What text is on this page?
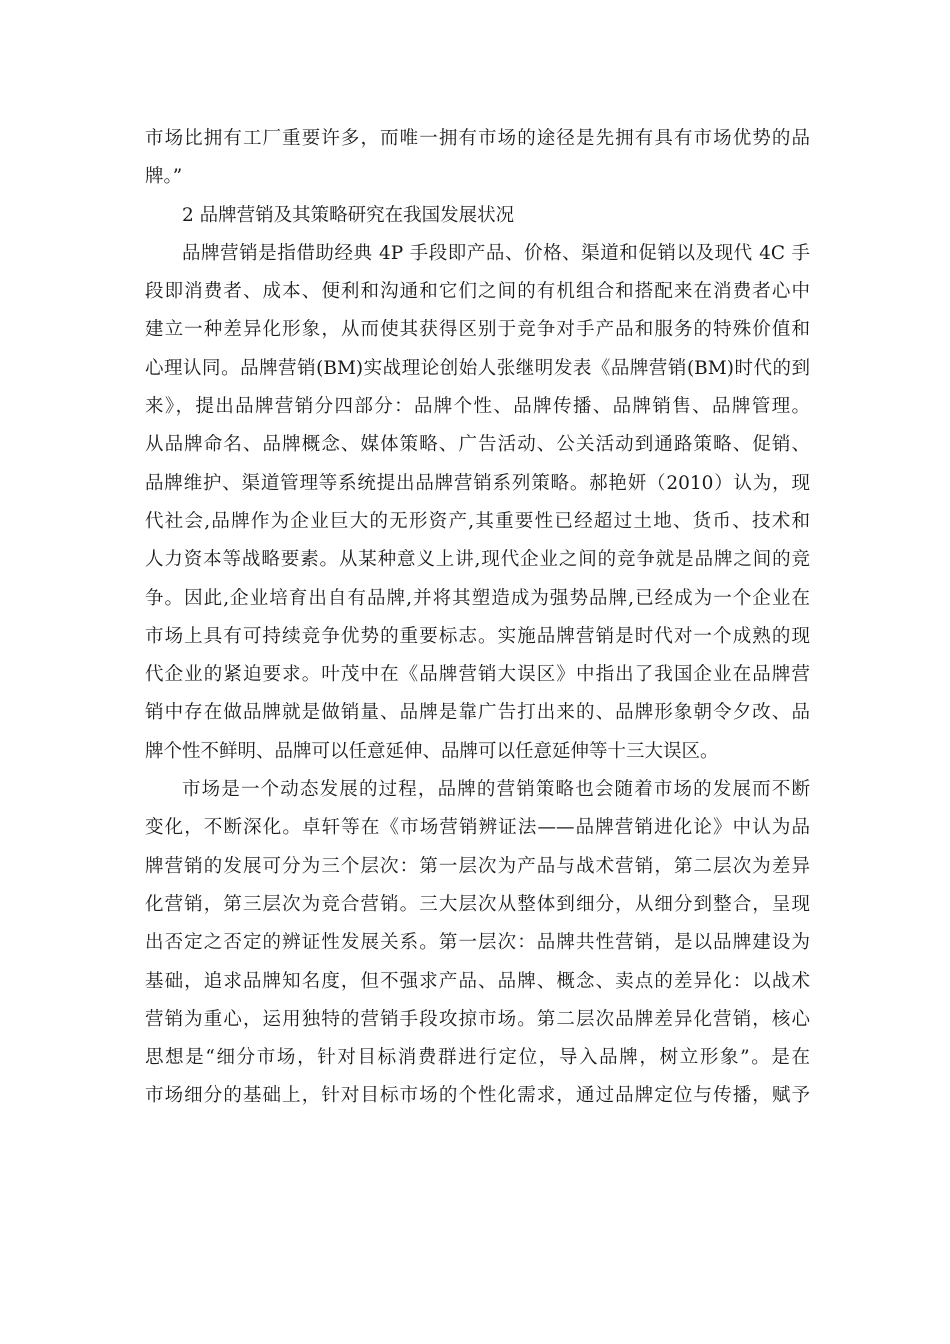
市场比拥有工厂重要许多，而唯一拥有市场的途径是先拥有具有市场优势的品
牌。”
2 品牌营销及其策略研究在我国发展状况
品牌营销是指借助经典 4P 手段即产品、价格、渠道和促销以及现代 4C 手
段即消费者、成本、便利和沟通和它们之间的有机组合和搭配来在消费者心中
建立一种差异化形象，从而使其获得区别于竞争对手产品和服务的特殊价值和
心理认同。品牌营销(BM)实战理论创始人张继明发表《品牌营销(BM)时代的到
来》，提出品牌营销分四部分：品牌个性、品牌传播、品牌销售、品牌管理。
从品牌命名、品牌概念、媒体策略、广告活动、公关活动到通路策略、促销、
品牌维护、渠道管理等系统提出品牌营销系列策略。郝艳妍（2010）认为，现
代社会,品牌作为企业巨大的无形资产,其重要性已经超过土地、货币、技术和
人力资本等战略要素。从某种意义上讲,现代企业之间的竞争就是品牌之间的竞
争。因此,企业培育出自有品牌,并将其塑造成为强势品牌,已经成为一个企业在
市场上具有可持续竞争优势的重要标志。实施品牌营销是时代对一个成熟的现
代企业的紧迫要求。叶茂中在《品牌营销大误区》中指出了我国企业在品牌营
销中存在做品牌就是做销量、品牌是靠广告打出来的、品牌形象朝令夕改、品
牌个性不鲜明、品牌可以任意延伸、品牌可以任意延伸等十三大误区。
市场是一个动态发展的过程，品牌的营销策略也会随着市场的发展而不断
变化，不断深化。卓轩等在《市场营销辨证法——品牌营销进化论》中认为品
牌营销的发展可分为三个层次：第一层次为产品与战术营销，第二层次为差异
化营销，第三层次为竞合营销。三大层次从整体到细分，从细分到整合，呈现
出否定之否定的辨证性发展关系。第一层次：品牌共性营销，是以品牌建设为
基础，追求品牌知名度，但不强求产品、品牌、概念、卖点的差异化：以战术
营销为重心，运用独特的营销手段攻掠市场。第二层次品牌差异化营销，核心
思想是“细分市场，针对目标消费群进行定位，导入品牌，树立形象”。是在
市场细分的基础上，针对目标市场的个性化需求，通过品牌定位与传播，赋予
